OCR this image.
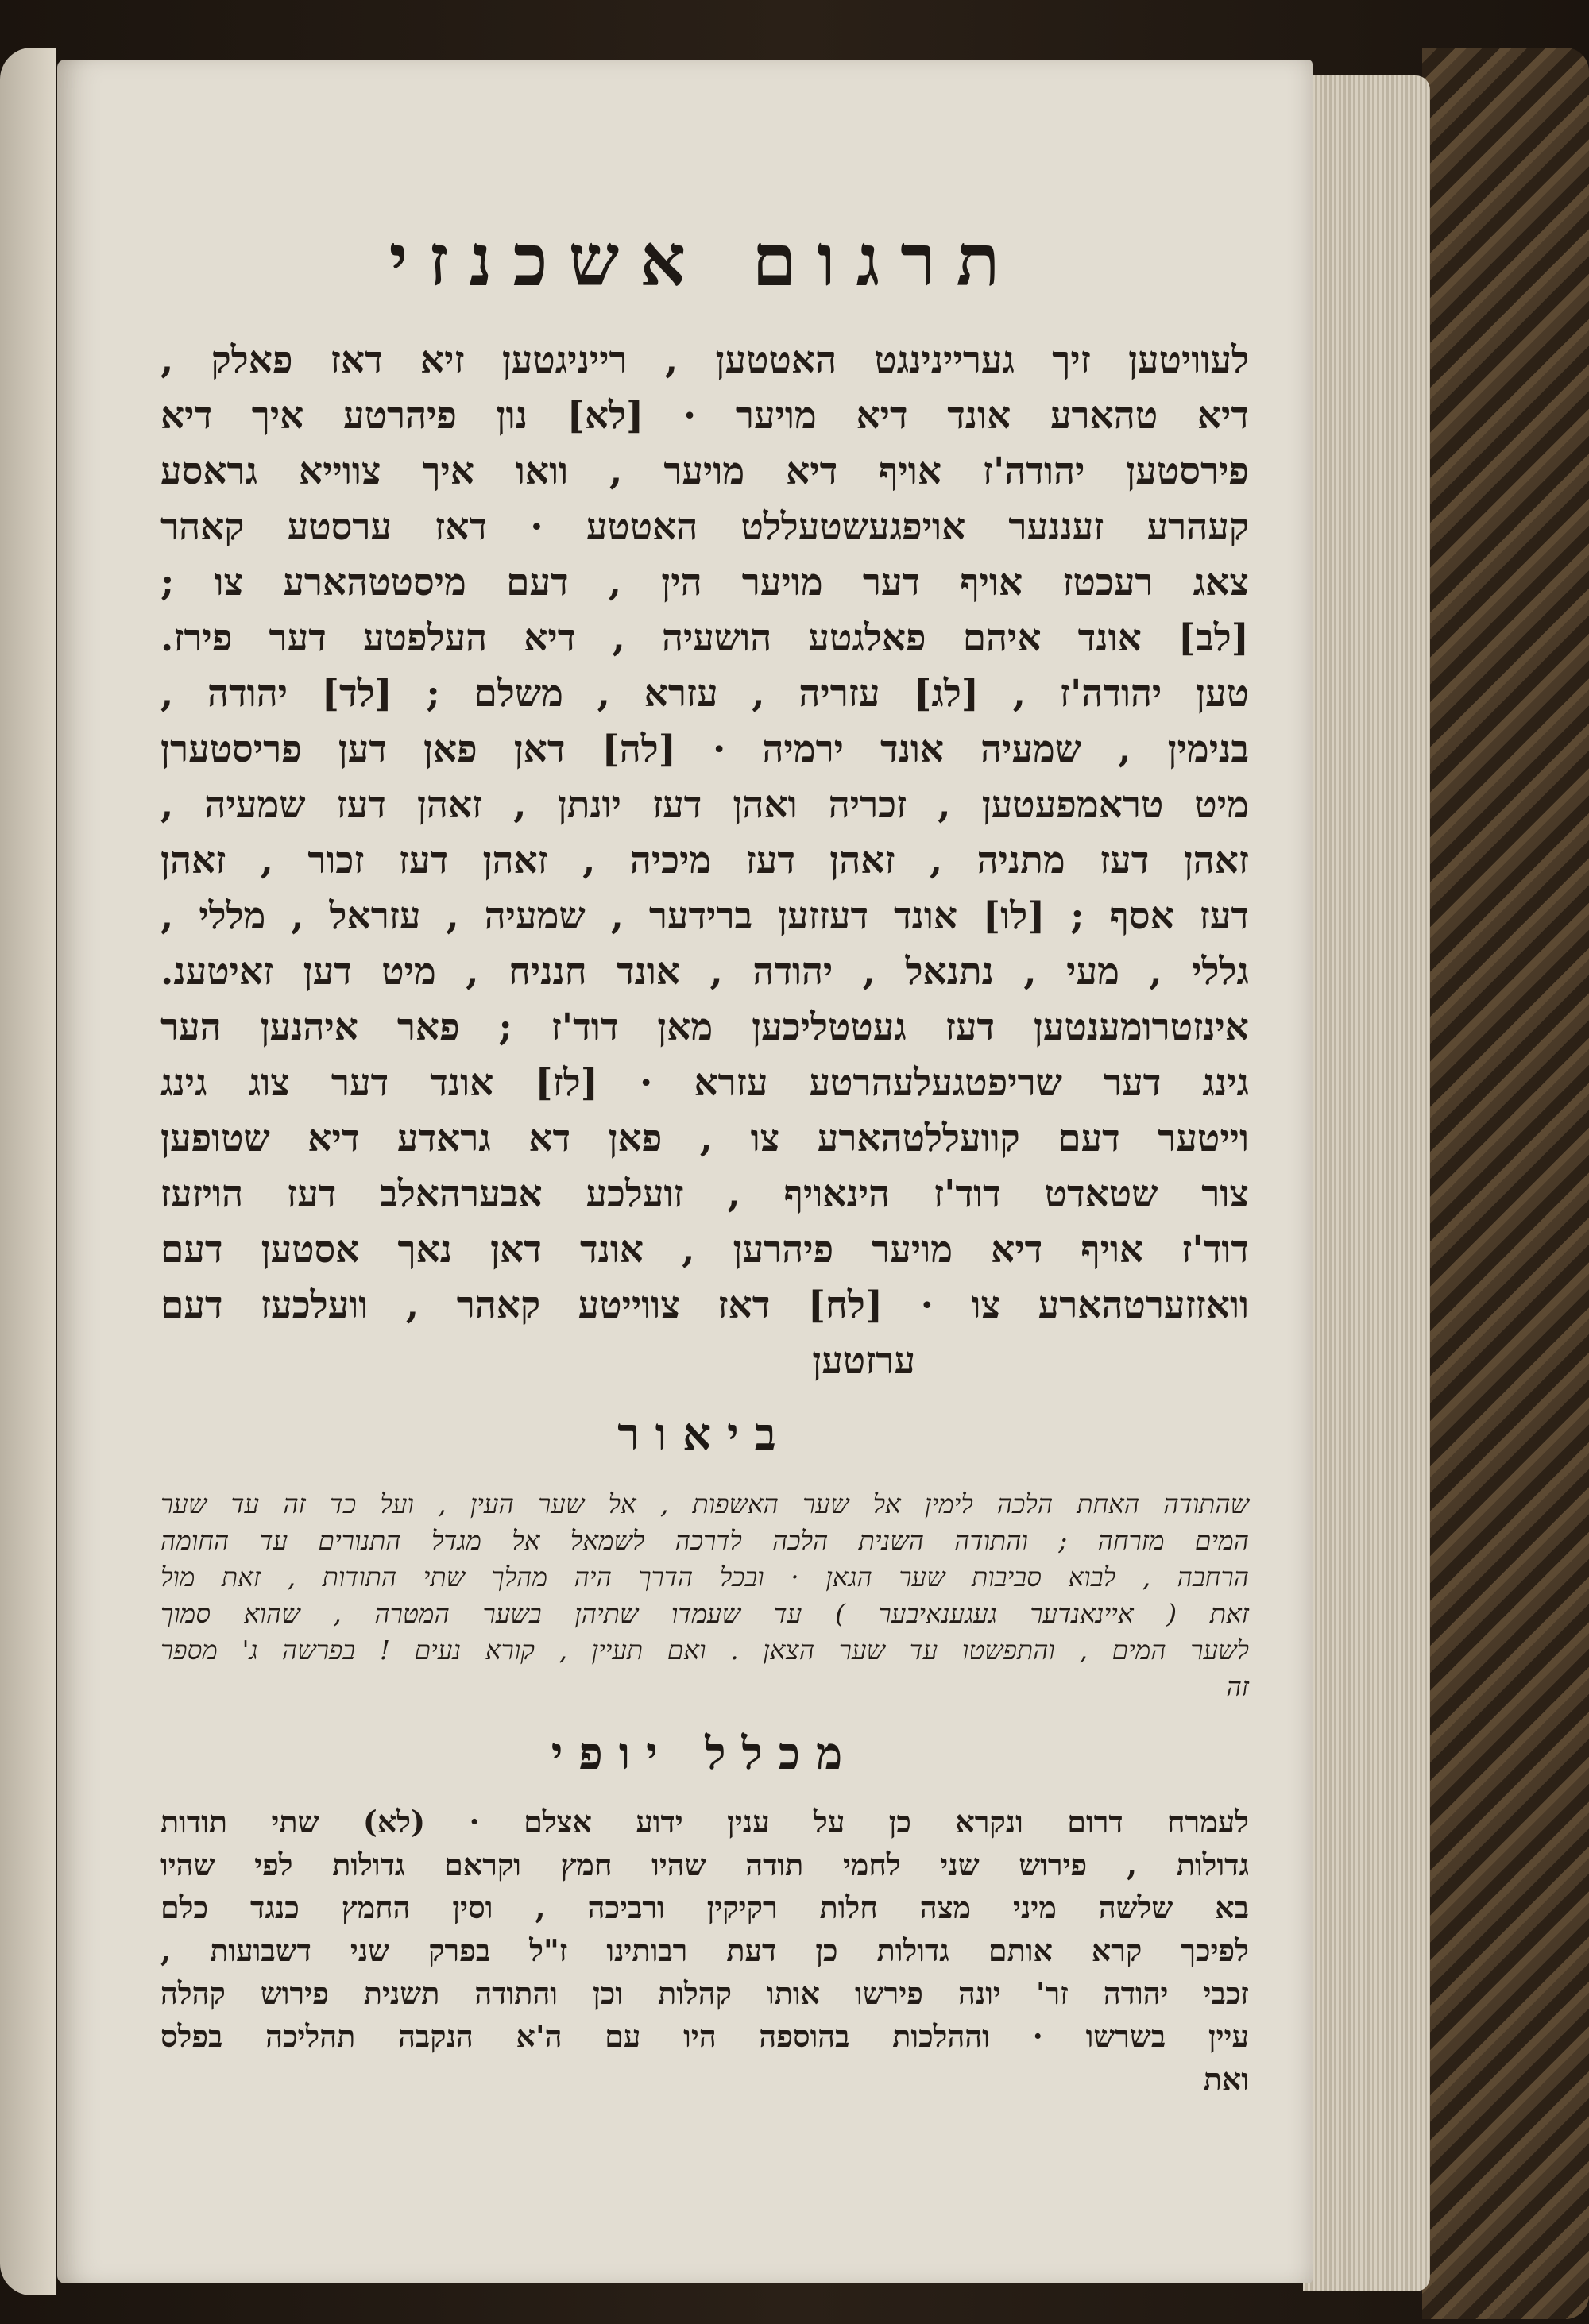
תרגום אשכנזי
לעוויטען זיך געריינינגט האטטען , רייניגטען זיא דאז פאלק ,
דיא טהארע אונד דיא מויער · [לא] נון פיהרטע איך דיא
פירסטען יהודה'ז אויף דיא מויער , וואו איך צווייא גראסע
קעהרע זעננער אויפגעשטעללט האטטע · דאז ערסטע קאהר
צאג רעכטז אויף דער מויער הין , דעם מיסטטהארע צו ;
[לב] אונד איהם פאלגטע הושעיה , דיא העלפטע דער פירז.
טען יהודה'ז , [לג] עזריה , עזרא , משלם ; [לד] יהודה ,
בנימין , שמעיה אונד ירמיה · [לה] דאן פאן דען פריסטערן
מיט טראמפעטען , זכריה ואהן דעז יונתן , זאהן דעז שמעיה ,
זאהן דעז מתניה , זאהן דעז מיכיה , זאהן דעז זכור , זאהן
דעז אסף ; [לו] אונד דעזזען ברידער , שמעיה , עזראל , מללי ,
גללי , מעי , נתנאל , יהודה , אונד חנניח , מיט דען זאיטענ.
אינזטרומענטען דעז געטטליכען מאן דוד'ז ; פאר איהנען הער
גינג דער שריפטגעלעהרטע עזרא · [לז] אונד דער צוג גינג
וייטער דעם קוועללטהארע צו , פאן דא גראדע דיא שטופען
צור שטאדט דוד'ז הינאויף , זועלכע אבערהאלב דעז הויזעז
דוד'ז אויף דיא מויער פיהרען , אונד דאן נאך אסטען דעם
וואזזערטהארע צו · [לח] דאז צווייטע קאהר , וועלכעז דעם
ערזטען
ביאור
שהתודה האחת הלכה לימין אל שער האשפות , אל שער העין , ועל כד זה עד שער
המים מזרחה ; והתודה השנית הלכה לדרכה לשמאל אל מגדל התנורים עד החומה
הרחבה , לבוא סביבות שער הגאן · ובכל הדרך היה מהלך שתי התודות , זאת מול
זאת ( איינאנדער געגענאיבער ) עד שעמדו שתיהן בשער המטרה , שהוא סמוך
לשער המים , והתפשטו עד שער הצאן . ואם תעיין , קורא נעים ! בפרשה ג' מספר
זה
מכלל יופי
לעמרח דרום ונקרא כן על ענין ידוע אצלם · (לא) שתי תודות
גדולות , פירוש שני לחמי תודה שהיו חמץ וקראם גדולות לפי שהיו
בא שלשה מיני מצה חלות רקיקין ורביכה , וסין החמץ כנגד כלם
לפיכך קרא אותם גדולות כן דעת רבותינו ז"ל בפרק שני דשבועות ,
זכבי יהודה זר' יונה פירשו אותו קהלות וכן והתודה תשנית פירוש קהלה
עיין בשרשו · וההלכות בהוספה היו עם ה'א הנקבה תהליכה בפלס
ואת
